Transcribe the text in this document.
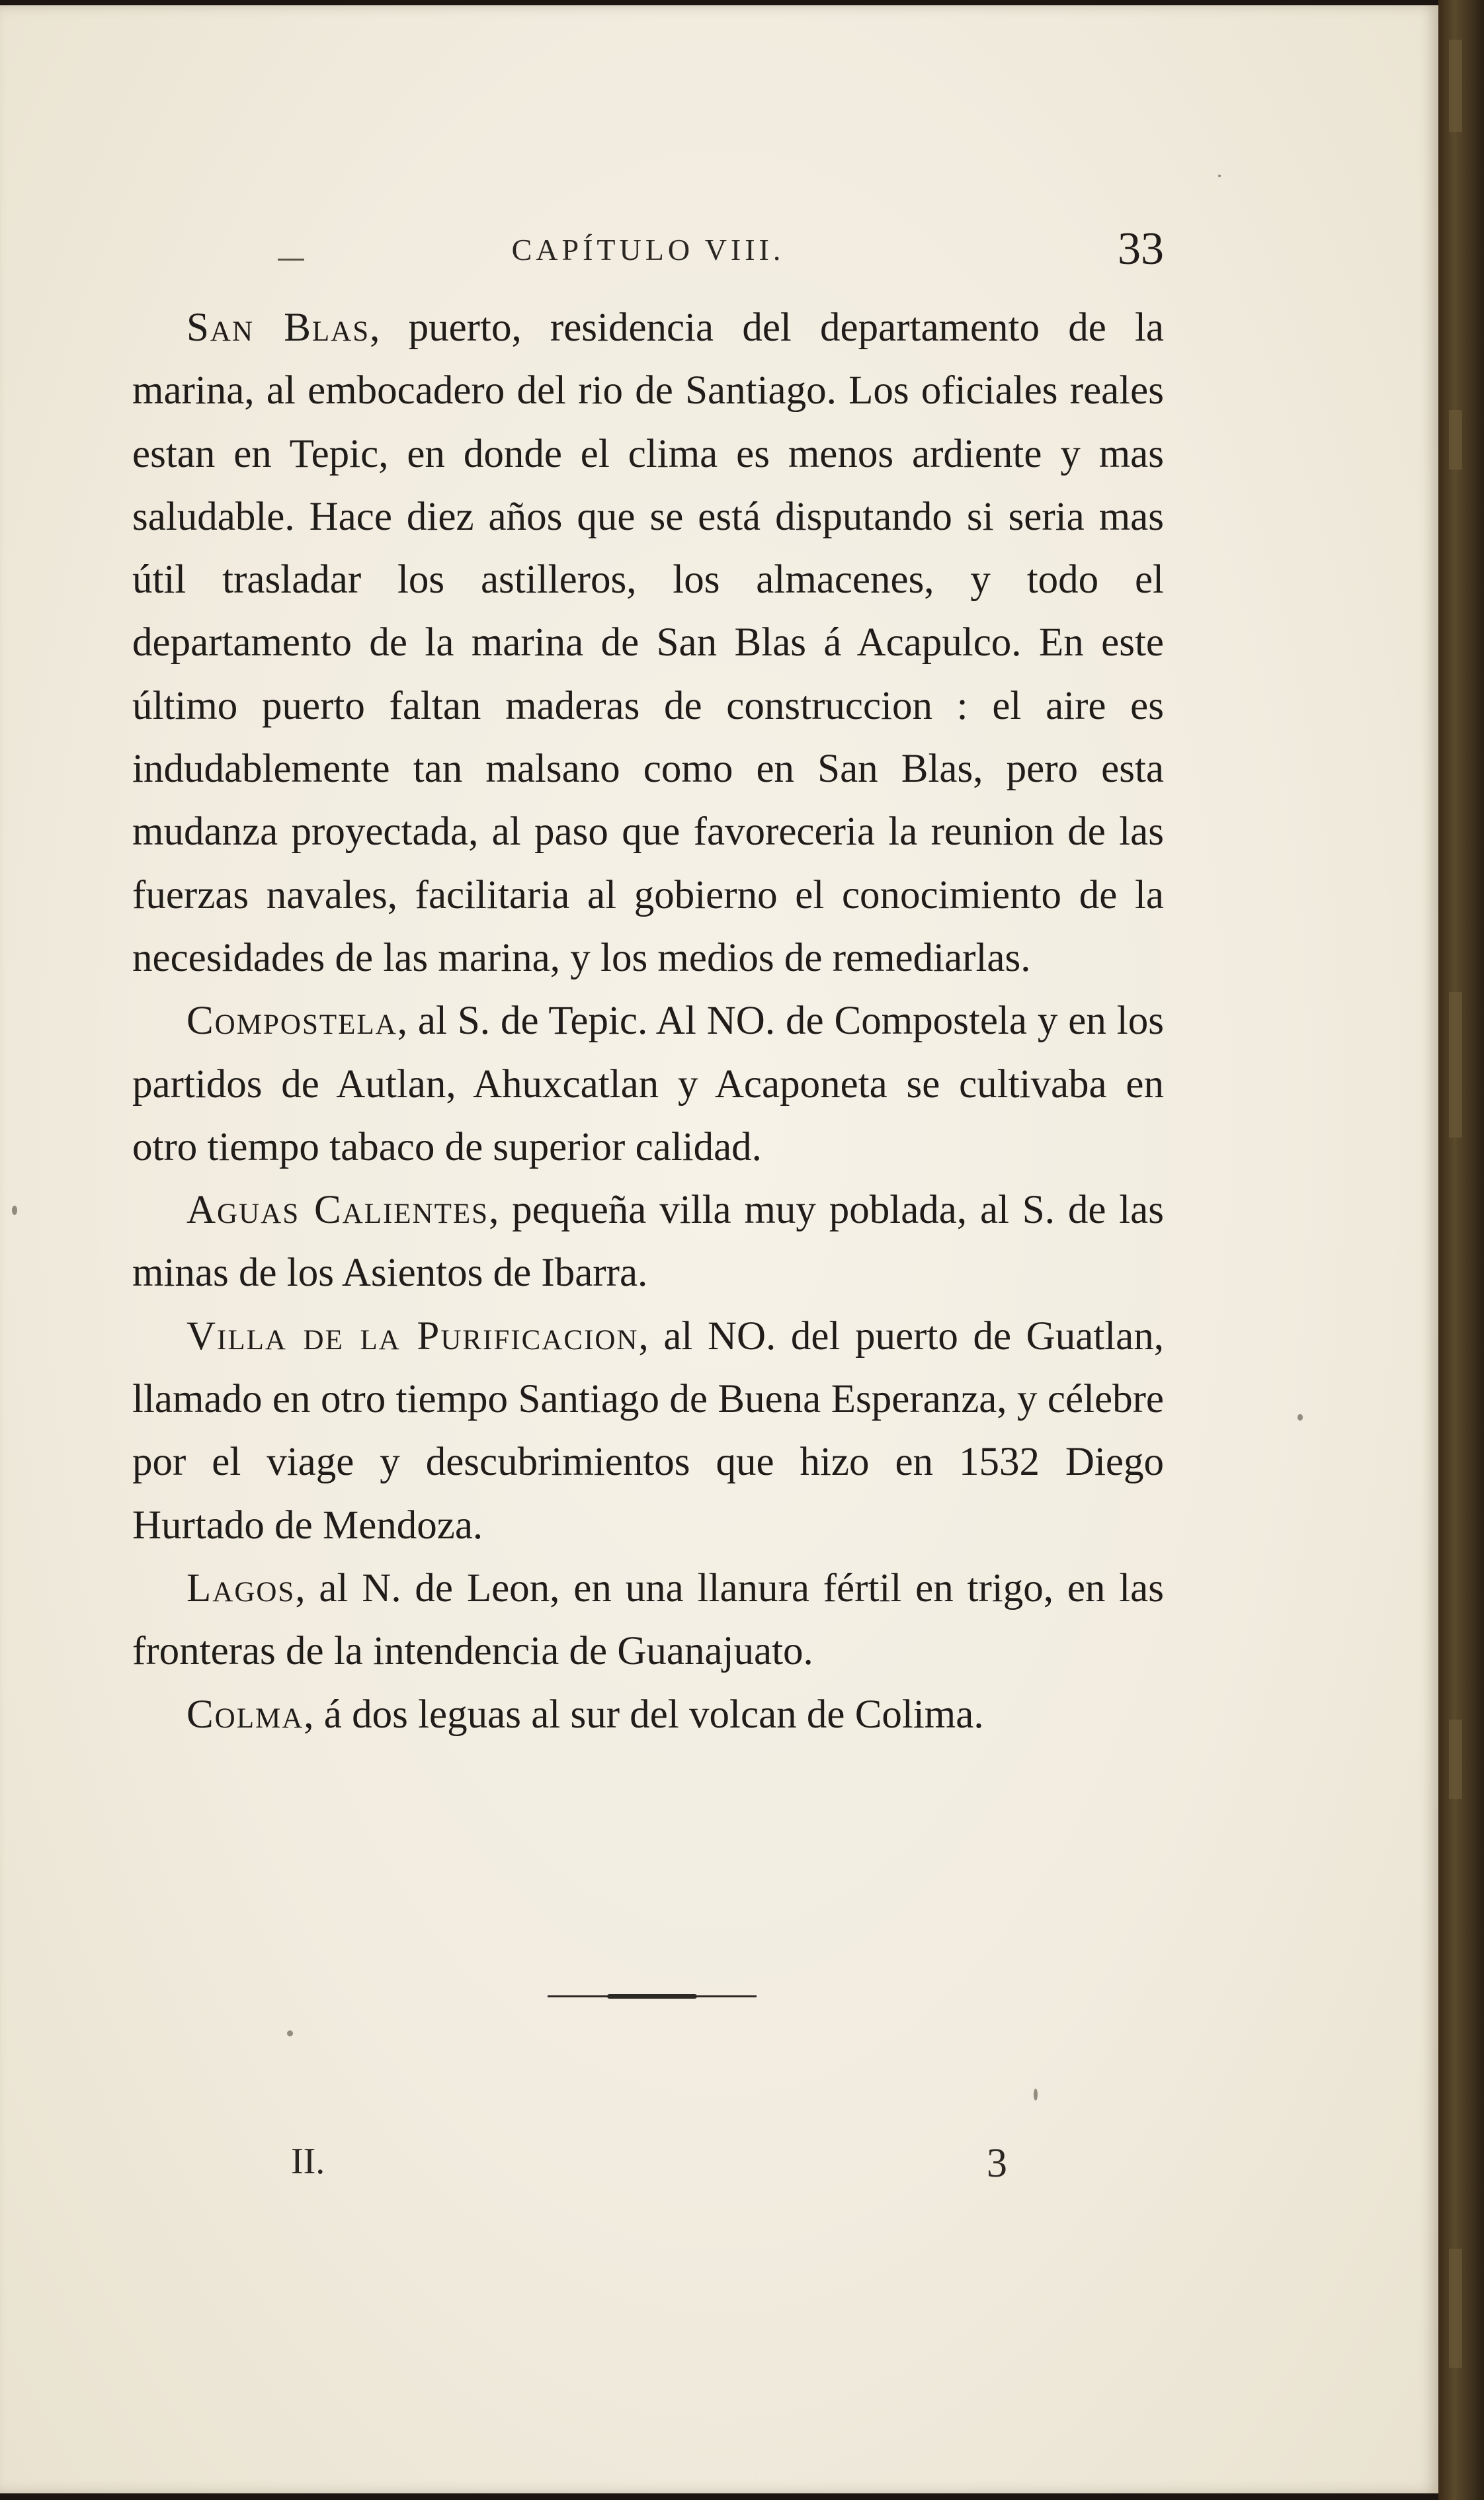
CAPÍTULO VIII.	33

San Blas, puerto, residencia del departamento de la marina, al embocadero del rio de Santiago. Los oficiales reales estan en Tepic, en donde el clima es menos ardiente y mas saludable. Hace diez años que se está disputando si seria mas útil trasladar los astilleros, los almacenes, y todo el departamento de la marina de San Blas á Acapulco. En este último puerto faltan maderas de construccion : el aire es indudablemente tan malsano como en San Blas, pero esta mudanza proyectada, al paso que favoreceria la reunion de las fuerzas navales, facilitaria al gobierno el conocimiento de la necesidades de las marina, y los medios de remediarlas.

Compostela, al S. de Tepic. Al NO. de Compostela y en los partidos de Autlan, Ahuxcatlan y Acaponeta se cultivaba en otro tiempo tabaco de superior calidad.

Aguas Calientes, pequeña villa muy poblada, al S. de las minas de los Asientos de Ibarra.

Villa de la Purificacion, al NO. del puerto de Guatlan, llamado en otro tiempo Santiago de Buena Esperanza, y célebre por el viage y descubrimientos que hizo en 1532 Diego Hurtado de Mendoza.

Lagos, al N. de Leon, en una llanura fértil en trigo, en las fronteras de la intendencia de Guanajuato.

Colma, á dos leguas al sur del volcan de Colima.

II.	3
